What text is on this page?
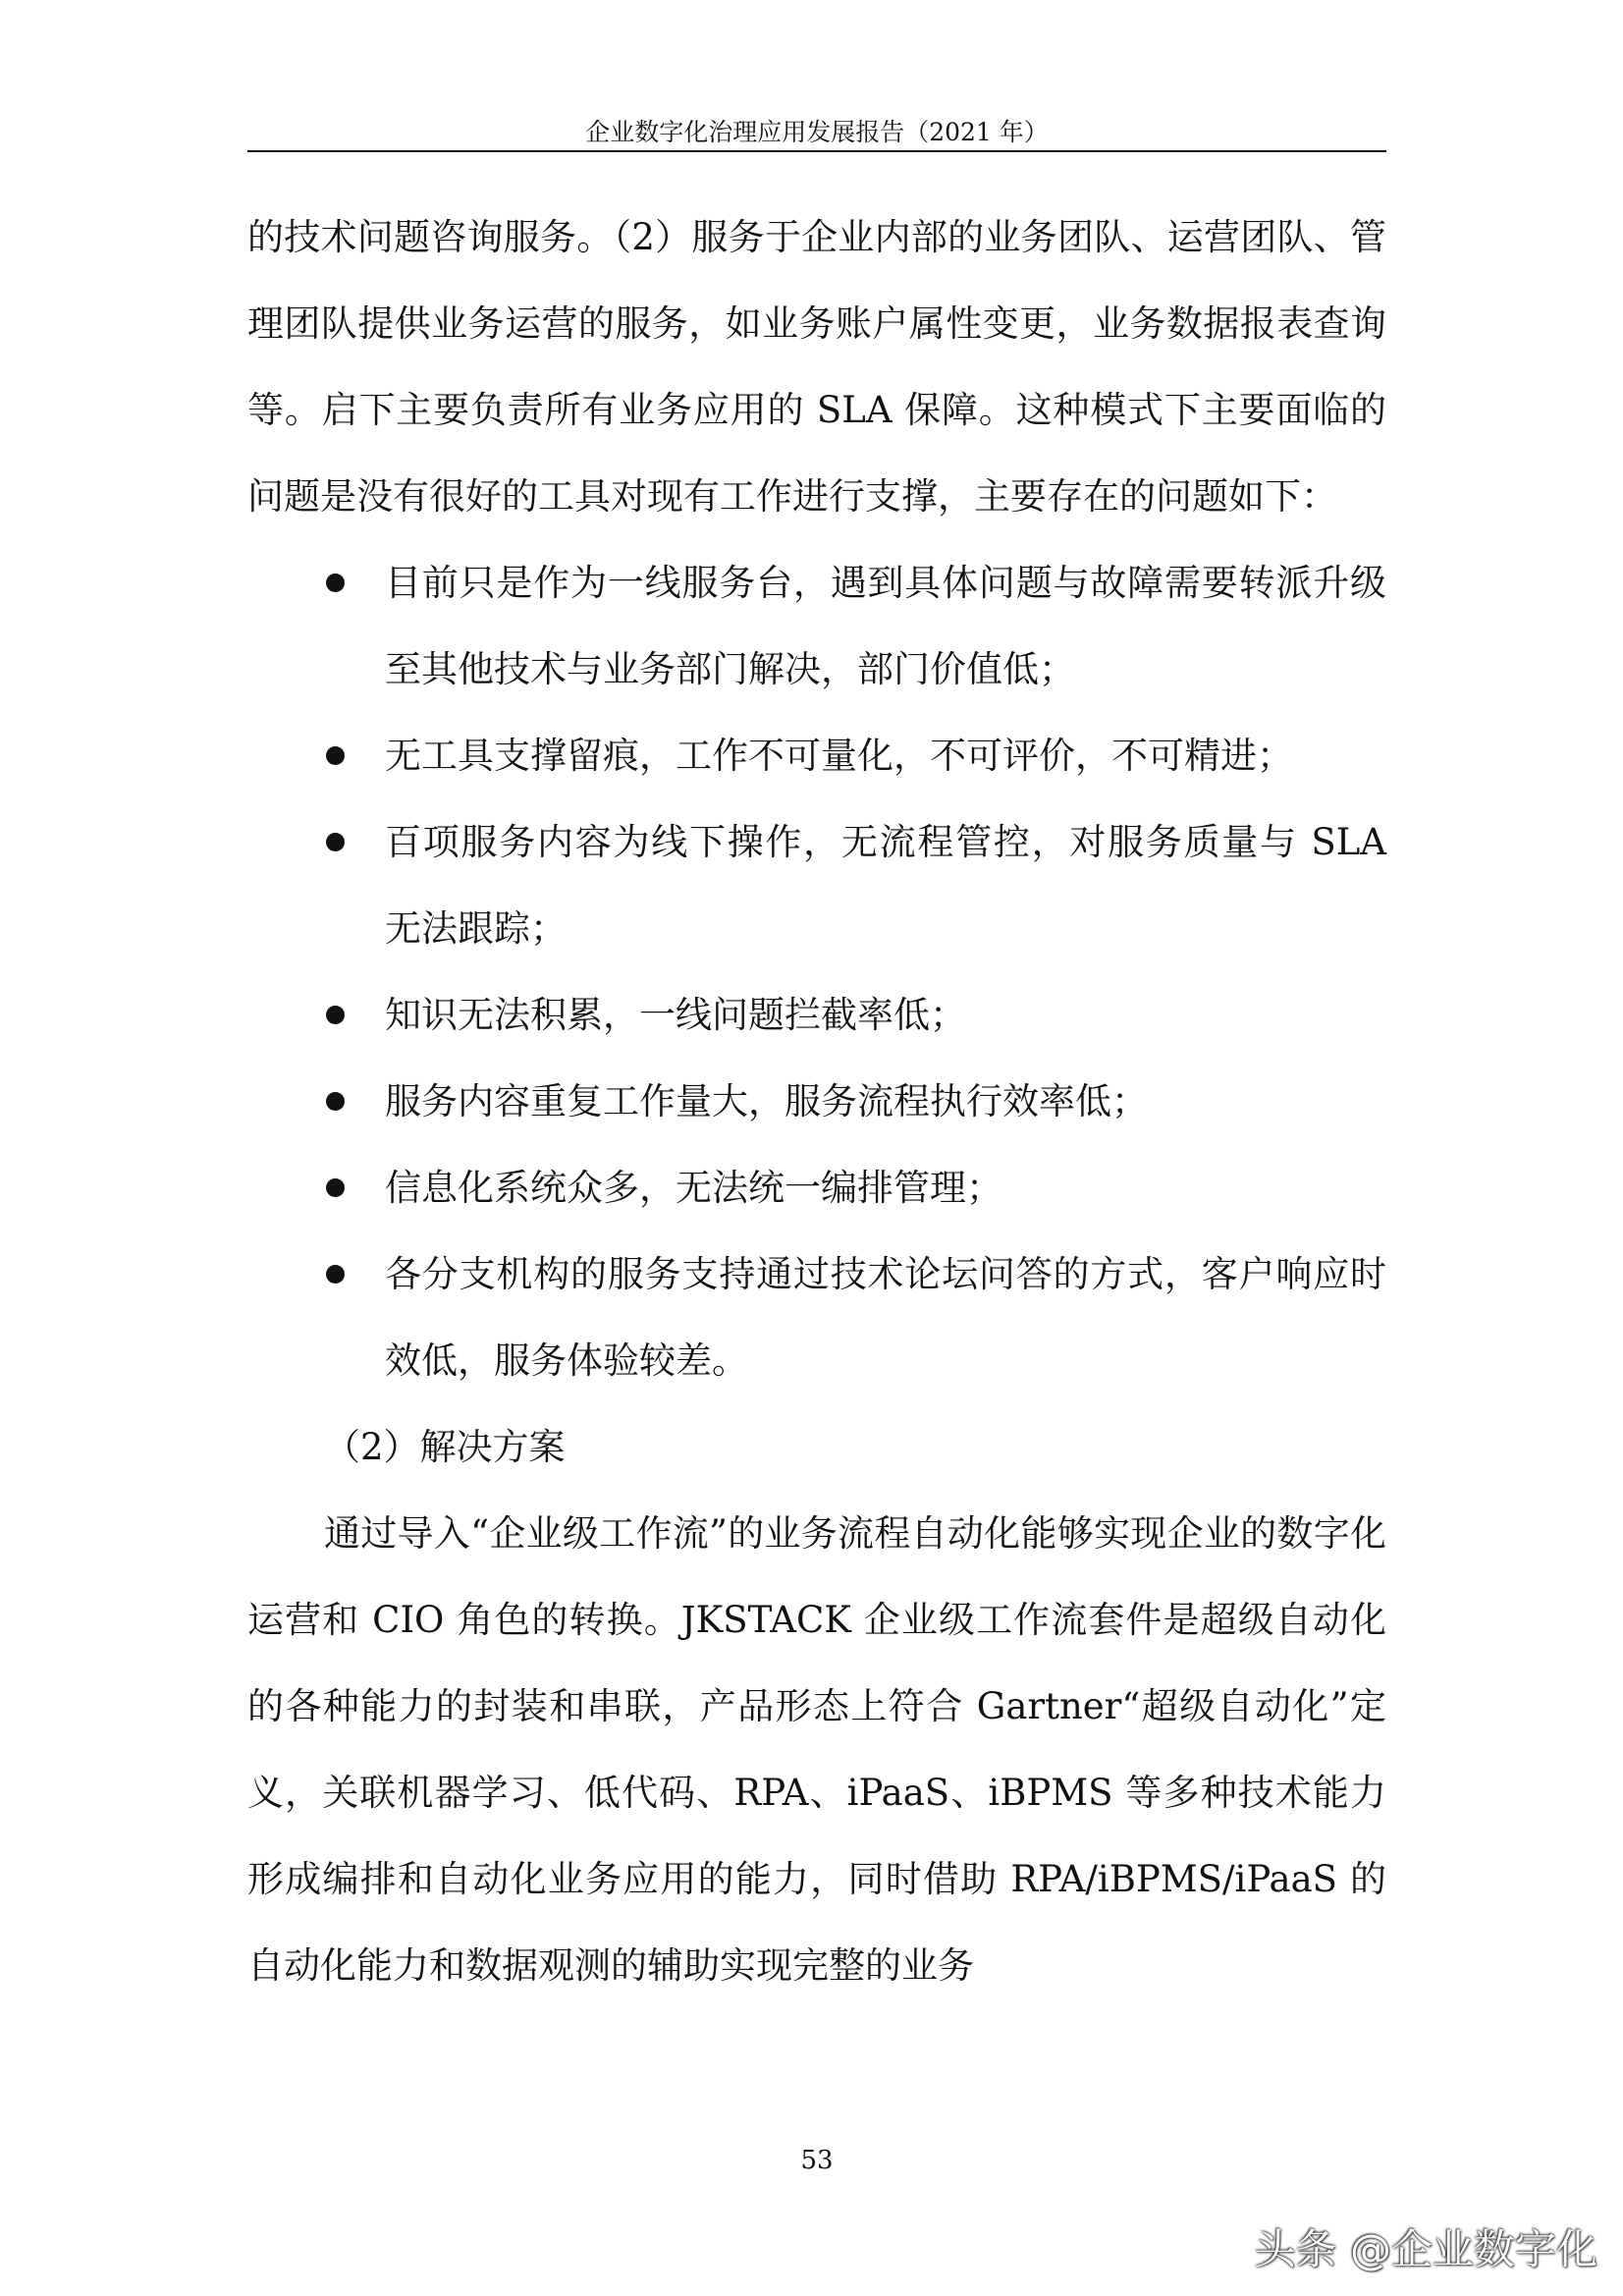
企业数字化治理应用发展报告（2021 年）

的技术问题咨询服务。（2）服务于企业内部的业务团队、运营团队、管理团队提供业务运营的服务，如业务账户属性变更，业务数据报表查询等。启下主要负责所有业务应用的 SLA 保障。这种模式下主要面临的问题是没有很好的工具对现有工作进行支撑，主要存在的问题如下：

目前只是作为一线服务台，遇到具体问题与故障需要转派升级至其他技术与业务部门解决，部门价值低；
无工具支撑留痕，工作不可量化，不可评价，不可精进；
百项服务内容为线下操作，无流程管控，对服务质量与 SLA 无法跟踪；
知识无法积累，一线问题拦截率低；
服务内容重复工作量大，服务流程执行效率低；
信息化系统众多，无法统一编排管理；
各分支机构的服务支持通过技术论坛问答的方式，客户响应时效低，服务体验较差。

（2）解决方案

通过导入“企业级工作流”的业务流程自动化能够实现企业的数字化运营和 CIO 角色的转换。JKSTACK 企业级工作流套件是超级自动化的各种能力的封装和串联，产品形态上符合 Gartner“超级自动化”定义，关联机器学习、低代码、RPA、iPaaS、iBPMS 等多种技术能力形成编排和自动化业务应用的能力，同时借助 RPA/iBPMS/iPaaS 的自动化能力和数据观测的辅助实现完整的业务

53
头条 @企业数字化
